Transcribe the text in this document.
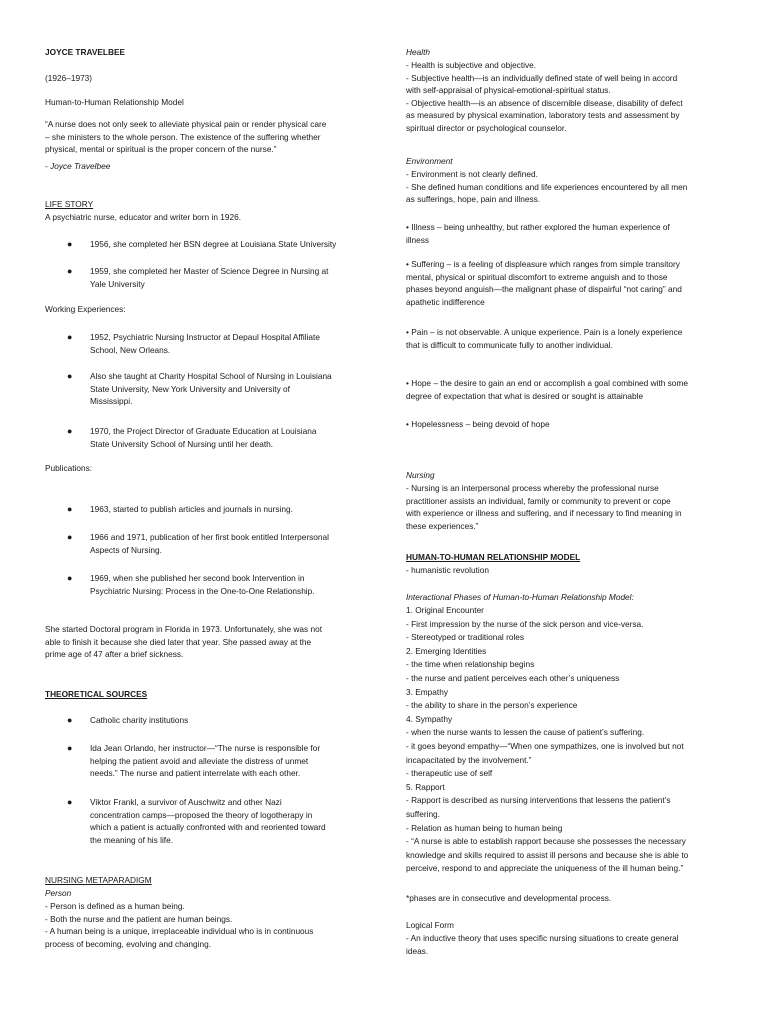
JOYCE TRAVELBEE
(1926–1973)
Human-to-Human Relationship Model
“A nurse does not only seek to alleviate physical pain or render physical care
– she ministers to the whole person. The existence of the suffering whether
physical, mental or spiritual is the proper concern of the nurse.”
- Joyce Travelbee
LIFE STORY
A psychiatric nurse, educator and writer born in 1926.
● 1956, she completed her BSN degree at Louisiana State University
● 1959, she completed her Master of Science Degree in Nursing at
Yale University
Working Experiences:
● 1952, Psychiatric Nursing Instructor at Depaul Hospital Affiliate
School, New Orleans.
● Also she taught at Charity Hospital School of Nursing in Louisiana
State University, New York University and University of
Mississippi.
● 1970, the Project Director of Graduate Education at Louisiana
State University School of Nursing until her death.
Publications:
● 1963, started to publish articles and journals in nursing.
● 1966 and 1971, publication of her first book entitled Interpersonal
Aspects of Nursing.
● 1969, when she published her second book Intervention in
Psychiatric Nursing: Process in the One-to-One Relationship.
She started Doctoral program in Florida in 1973. Unfortunately, she was not
able to finish it because she died later that year. She passed away at the
prime age of 47 after a brief sickness.
THEORETICAL SOURCES
● Catholic charity institutions
● Ida Jean Orlando, her instructor—“The nurse is responsible for
helping the patient avoid and alleviate the distress of unmet
needs.” The nurse and patient interrelate with each other.
● Viktor Frankl, a survivor of Auschwitz and other Nazi
concentration camps—proposed the theory of logotherapy in
which a patient is actually confronted with and reoriented toward
the meaning of his life.
NURSING METAPARADIGM
Person
- Person is defined as a human being.
- Both the nurse and the patient are human beings.
- A human being is a unique, irreplaceable individual who is in continuous
process of becoming, evolving and changing.
Health
- Health is subjective and objective.
- Subjective health—is an individually defined state of well being in accord
with self-appraisal of physical-emotional-spiritual status.
- Objective health—is an absence of discernible disease, disability of defect
as measured by physical examination, laboratory tests and assessment by
spiritual director or psychological counselor.
Environment
- Environment is not clearly defined.
- She defined human conditions and life experiences encountered by all men
as sufferings, hope, pain and illness.
• Illness – being unhealthy, but rather explored the human experience of
illness
• Suffering – is a feeling of displeasure which ranges from simple transitory
mental, physical or spiritual discomfort to extreme anguish and to those
phases beyond anguish—the malignant phase of dispairful “not caring” and
apathetic indifference
• Pain – is not observable. A unique experience. Pain is a lonely experience
that is difficult to communicate fully to another individual.
• Hope – the desire to gain an end or accomplish a goal combined with some
degree of expectation that what is desired or sought is attainable
• Hopelessness – being devoid of hope
Nursing
- Nursing is an interpersonal process whereby the professional nurse
practitioner assists an individual, family or community to prevent or cope
with experience or illness and suffering, and if necessary to find meaning in
these experiences.”
HUMAN-TO-HUMAN RELATIONSHIP MODEL
- humanistic revolution
Interactional Phases of Human-to-Human Relationship Model:
1. Original Encounter
- First impression by the nurse of the sick person and vice-versa.
- Stereotyped or traditional roles
2. Emerging Identities
- the time when relationship begins
- the nurse and patient perceives each other’s uniqueness
3. Empathy
- the ability to share in the person’s experience
4. Sympathy
- when the nurse wants to lessen the cause of patient’s suffering.
- it goes beyond empathy—“When one sympathizes, one is involved but not
incapacitated by the involvement.”
- therapeutic use of self
5. Rapport
- Rapport is described as nursing interventions that lessens the patient’s
suffering.
- Relation as human being to human being
- “A nurse is able to establish rapport because she possesses the necessary
knowledge and skills required to assist ill persons and because she is able to
perceive, respond to and appreciate the uniqueness of the ill human being.”
*phases are in consecutive and developmental process.
Logical Form
- An inductive theory that uses specific nursing situations to create general
ideas.
